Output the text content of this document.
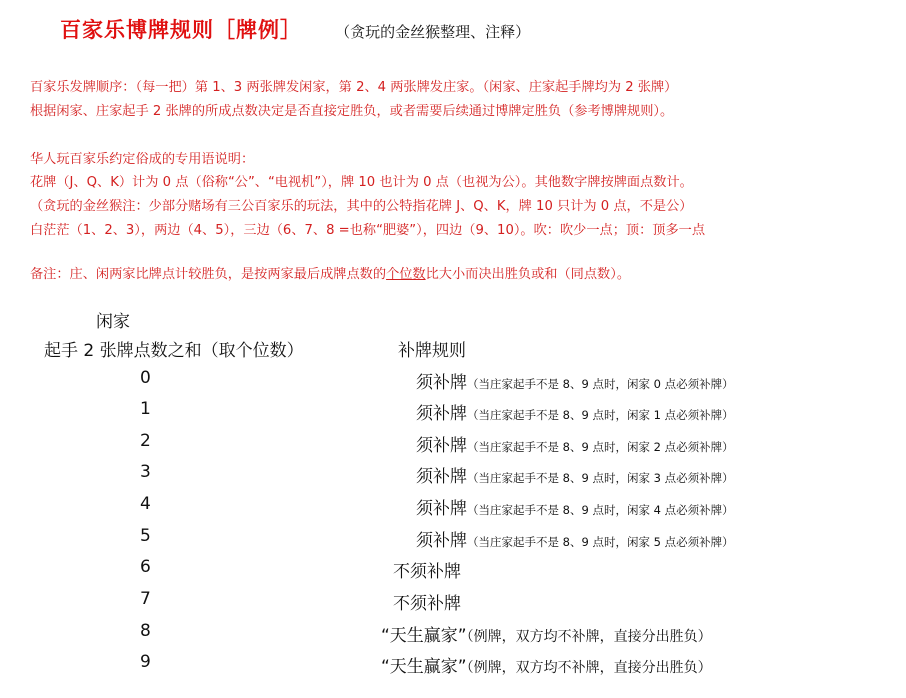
百家乐博牌规则［牌例］ （贪玩的金丝猴整理、注释）
百家乐发牌顺序：（每一把）第 1、3 两张牌发闲家，第 2、4 两张牌发庄家。（闲家、庄家起手牌均为 2 张牌）
根据闲家、庄家起手 2 张牌的所成点数决定是否直接定胜负，或者需要后续通过博牌定胜负（参考博牌规则）。
华人玩百家乐约定俗成的专用语说明：
花牌（J、Q、K）计为 0 点（俗称“公”、“电视机”），牌 10 也计为 0 点（也视为公）。其他数字牌按牌面点数计。
（贪玩的金丝猴注：少部分赌场有三公百家乐的玩法，其中的公特指花牌 J、Q、K，牌 10 只计为 0 点，不是公）
白茫茫（1、2、3），两边（4、5），三边（6、7、8 =也称“肥婆”），四边（9、10）。吹：吹少一点；顶：顶多一点
备注：庄、闲两家比牌点计较胜负，是按两家最后成牌点数的个位数比大小而决出胜负或和（同点数）。
闲家
起手 2 张牌点数之和（取个位数）	补牌规则
0	须补牌（当庄家起手不是 8、9 点时，闲家 0 点必须补牌）
1	须补牌（当庄家起手不是 8、9 点时，闲家 1 点必须补牌）
2	须补牌（当庄家起手不是 8、9 点时，闲家 2 点必须补牌）
3	须补牌（当庄家起手不是 8、9 点时，闲家 3 点必须补牌）
4	须补牌（当庄家起手不是 8、9 点时，闲家 4 点必须补牌）
5	须补牌（当庄家起手不是 8、9 点时，闲家 5 点必须补牌）
6	不须补牌
7	不须补牌
8	“天生赢家”（例牌，双方均不补牌，直接分出胜负）
9	“天生赢家”（例牌，双方均不补牌，直接分出胜负）
